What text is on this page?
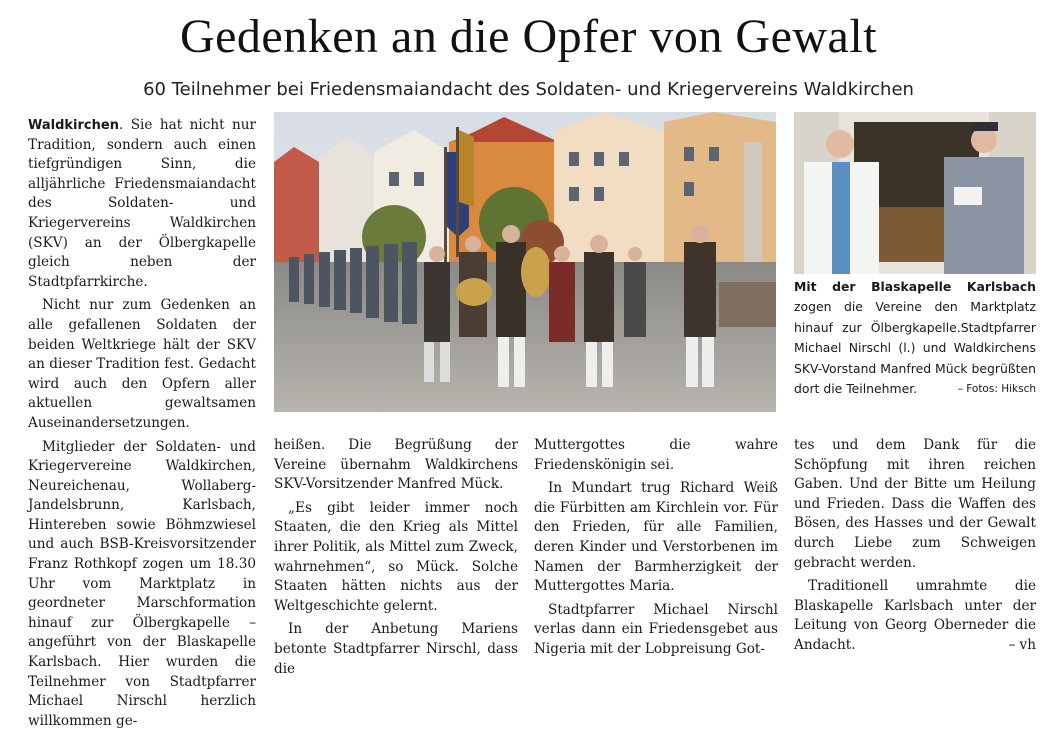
Gedenken an die Opfer von Gewalt
60 Teilnehmer bei Friedensmaiandacht des Soldaten- und Kriegervereins Waldkirchen

Waldkirchen. Sie hat nicht nur Tradition, sondern auch einen tiefgründigen Sinn, die alljährliche Friedensmaiandacht des Soldaten- und Kriegervereins Waldkirchen (SKV) an der Ölbergkapelle gleich neben der Stadtpfarrkirche.

Nicht nur zum Gedenken an alle gefallenen Soldaten der beiden Weltkriege hält der SKV an dieser Tradition fest. Gedacht wird auch den Opfern aller aktuellen gewaltsamen Auseinandersetzungen.

Mitglieder der Soldaten- und Kriegervereine Waldkirchen, Neureichenau, Wollaberg-Jandelsbrunn, Karlsbach, Hintereben sowie Böhmzwiesel und auch BSB-Kreisvorsitzender Franz Rothkopf zogen um 18.30 Uhr vom Marktplatz in geordneter Marschformation hinauf zur Ölbergkapelle – angeführt von der Blaskapelle Karlsbach. Hier wurden die Teilnehmer von Stadtpfarrer Michael Nirschl herzlich willkommen ge-

Mit der Blaskapelle Karlsbach zogen die Vereine den Marktplatz hinauf zur Ölbergkapelle.Stadtpfarrer Michael Nirschl (l.) und Waldkirchens SKV-Vorstand Manfred Mück begrüßten dort die Teilnehmer.	– Fotos: Hiksch

heißen. Die Begrüßung der Vereine übernahm Waldkirchens SKV-Vorsitzender Manfred Mück.

„Es gibt leider immer noch Staaten, die den Krieg als Mittel ihrer Politik, als Mittel zum Zweck, wahrnehmen“, so Mück. Solche Staaten hätten nichts aus der Weltgeschichte gelernt.

In der Anbetung Mariens betonte Stadtpfarrer Nirschl, dass die

Muttergottes die wahre Friedenskönigin sei.

In Mundart trug Richard Weiß die Fürbitten am Kirchlein vor. Für den Frieden, für alle Familien, deren Kinder und Verstorbenen im Namen der Barmherzigkeit der Muttergottes Maria.

Stadtpfarrer Michael Nirschl verlas dann ein Friedensgebet aus Nigeria mit der Lobpreisung Got-

tes und dem Dank für die Schöpfung mit ihren reichen Gaben. Und der Bitte um Heilung und Frieden. Dass die Waffen des Bösen, des Hasses und der Gewalt durch Liebe zum Schweigen gebracht werden.

Traditionell umrahmte die Blaskapelle Karlsbach unter der Leitung von Georg Oberneder die Andacht.	– vh
